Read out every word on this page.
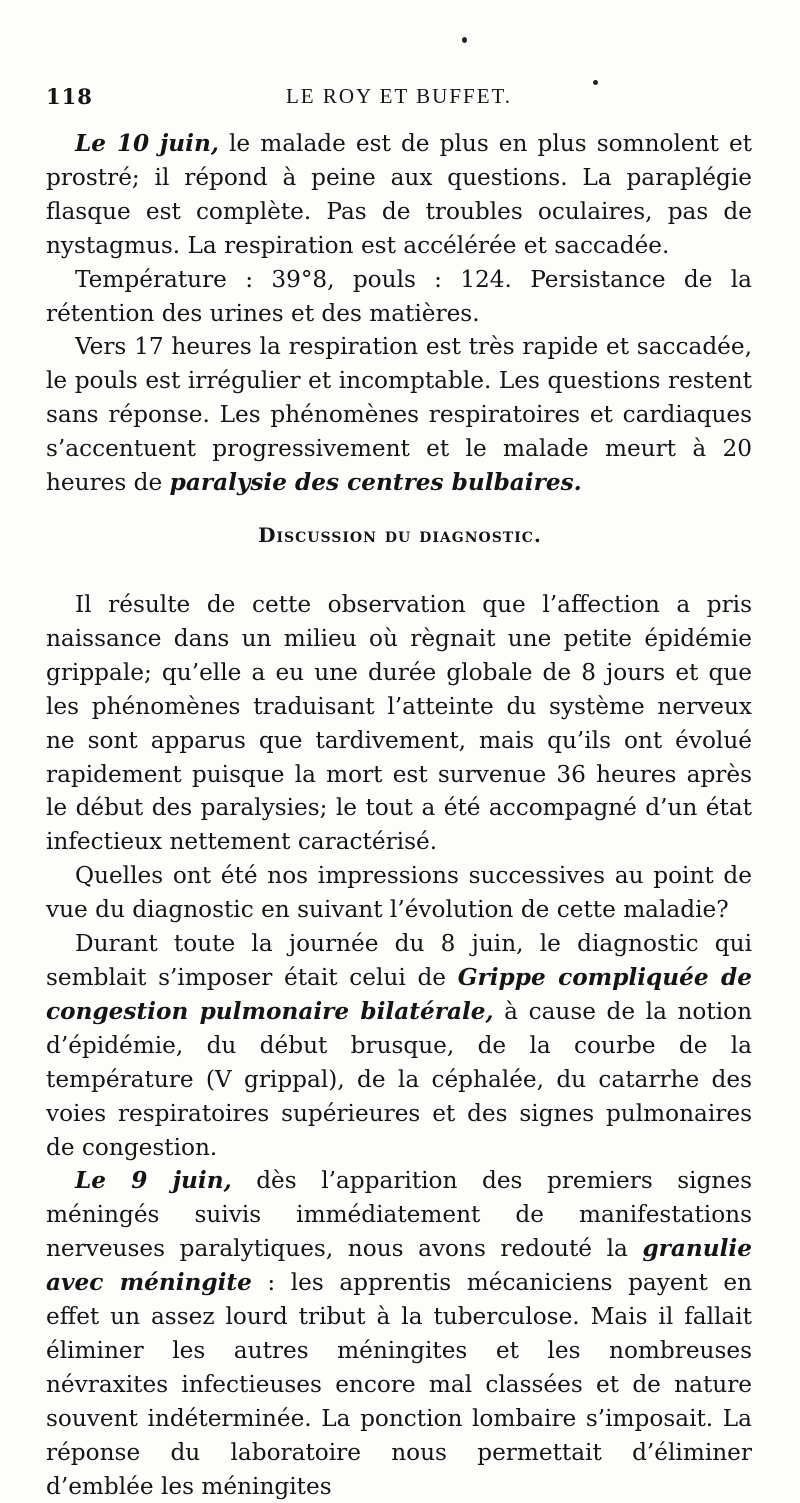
118	LE ROY ET BUFFET.

Le 10 juin, le malade est de plus en plus somnolent et prostré; il répond à peine aux questions. La paraplégie flasque est complète. Pas de troubles oculaires, pas de nystagmus. La respiration est accélérée et saccadée.

Température : 39°8, pouls : 124. Persistance de la rétention des urines et des matières.

Vers 17 heures la respiration est très rapide et saccadée, le pouls est irrégulier et incomptable. Les questions restent sans réponse. Les phénomènes respiratoires et cardiaques s’accentuent progressivement et le malade meurt à 20 heures de paralysie des centres bulbaires.

Discussion du diagnostic.

Il résulte de cette observation que l’affection a pris naissance dans un milieu où règnait une petite épidémie grippale; qu’elle a eu une durée globale de 8 jours et que les phénomènes traduisant l’atteinte du système nerveux ne sont apparus que tardivement, mais qu’ils ont évolué rapidement puisque la mort est survenue 36 heures après le début des paralysies; le tout a été accompagné d’un état infectieux nettement caractérisé.

Quelles ont été nos impressions successives au point de vue du diagnostic en suivant l’évolution de cette maladie?

Durant toute la journée du 8 juin, le diagnostic qui semblait s’imposer était celui de Grippe compliquée de congestion pulmonaire bilatérale, à cause de la notion d’épidémie, du début brusque, de la courbe de la température (V grippal), de la céphalée, du catarrhe des voies respiratoires supérieures et des signes pulmonaires de congestion.

Le 9 juin, dès l’apparition des premiers signes méningés suivis immédiatement de manifestations nerveuses paralytiques, nous avons redouté la granulie avec méningite : les apprentis mécaniciens payent en effet un assez lourd tribut à la tuberculose. Mais il fallait éliminer les autres méningites et les nombreuses névraxites infectieuses encore mal classées et de nature souvent indéterminée. La ponction lombaire s’imposait. La réponse du laboratoire nous permettait d’éliminer d’emblée les méningites
